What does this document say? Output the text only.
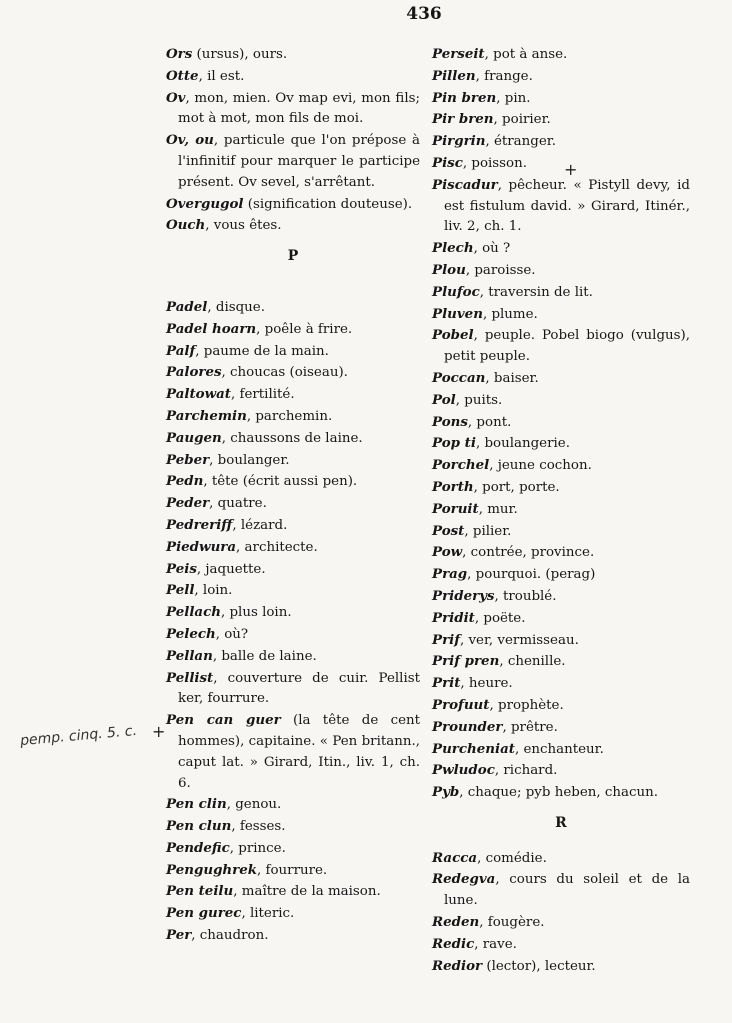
436

Ors (ursus), ours.

Otte, il est.

Ov, mon, mien. Ov map evi, mon fils; mot à mot, mon fils de moi.

Ov, ou, particule que l'on prépose à l'infinitif pour marquer le participe présent. Ov sevel, s'arrêtant.

Overgugol (signification douteuse).

Ouch, vous êtes.

P

Padel, disque.

Padel hoarn, poêle à frire.

Palf, paume de la main.

Palores, choucas (oiseau).

Paltowat, fertilité.

Parchemin, parchemin.

Paugen, chaussons de laine.

Peber, boulanger.

Pedn, tête (écrit aussi pen).

Peder, quatre.

Pedreriff, lézard.

Piedwura, architecte.

Peis, jaquette.

Pell, loin.

Pellach, plus loin.

Pelech, où?

Pellan, balle de laine.

Pellist, couverture de cuir. Pellist ker, fourrure.

Pen can guer (la tête de cent hommes), capitaine. « Pen britann., caput lat. » Girard, Itin., liv. 1, ch. 6.

Pen clin, genou.

Pen clun, fesses.

Pendefic, prince.

Pengughrek, fourrure.

Pen teilu, maître de la maison.

Pen gurec, literic.

Per, chaudron.

Perseit, pot à anse.

Pillen, frange.

Pin bren, pin.

Pir bren, poirier.

Pirgrin, étranger.

Pisc, poisson.

Piscadur, pêcheur. « Pistyll devy, id est fistulum david. » Girard, Itinér., liv. 2, ch. 1.

Plech, où ?

Plou, paroisse.

Plufoc, traversin de lit.

Pluven, plume.

Pobel, peuple. Pobel biogo (vulgus), petit peuple.

Poccan, baiser.

Pol, puits.

Pons, pont.

Pop ti, boulangerie.

Porchel, jeune cochon.

Porth, port, porte.

Poruit, mur.

Post, pilier.

Pow, contrée, province.

Prag, pourquoi. (perag)

Priderys, troublé.

Pridit, poëte.

Prif, ver, vermisseau.

Prif pren, chenille.

Prit, heure.

Profuut, prophète.

Prounder, prêtre.

Purcheniat, enchanteur.

Pwludoc, richard.

Pyb, chaque; pyb heben, chacun.

R

Racca, comédie.

Redegva, cours du soleil et de la lune.

Reden, fougère.

Redic, rave.

Redior (lector), lecteur.

pemp. cinq. 5. c. +
+
